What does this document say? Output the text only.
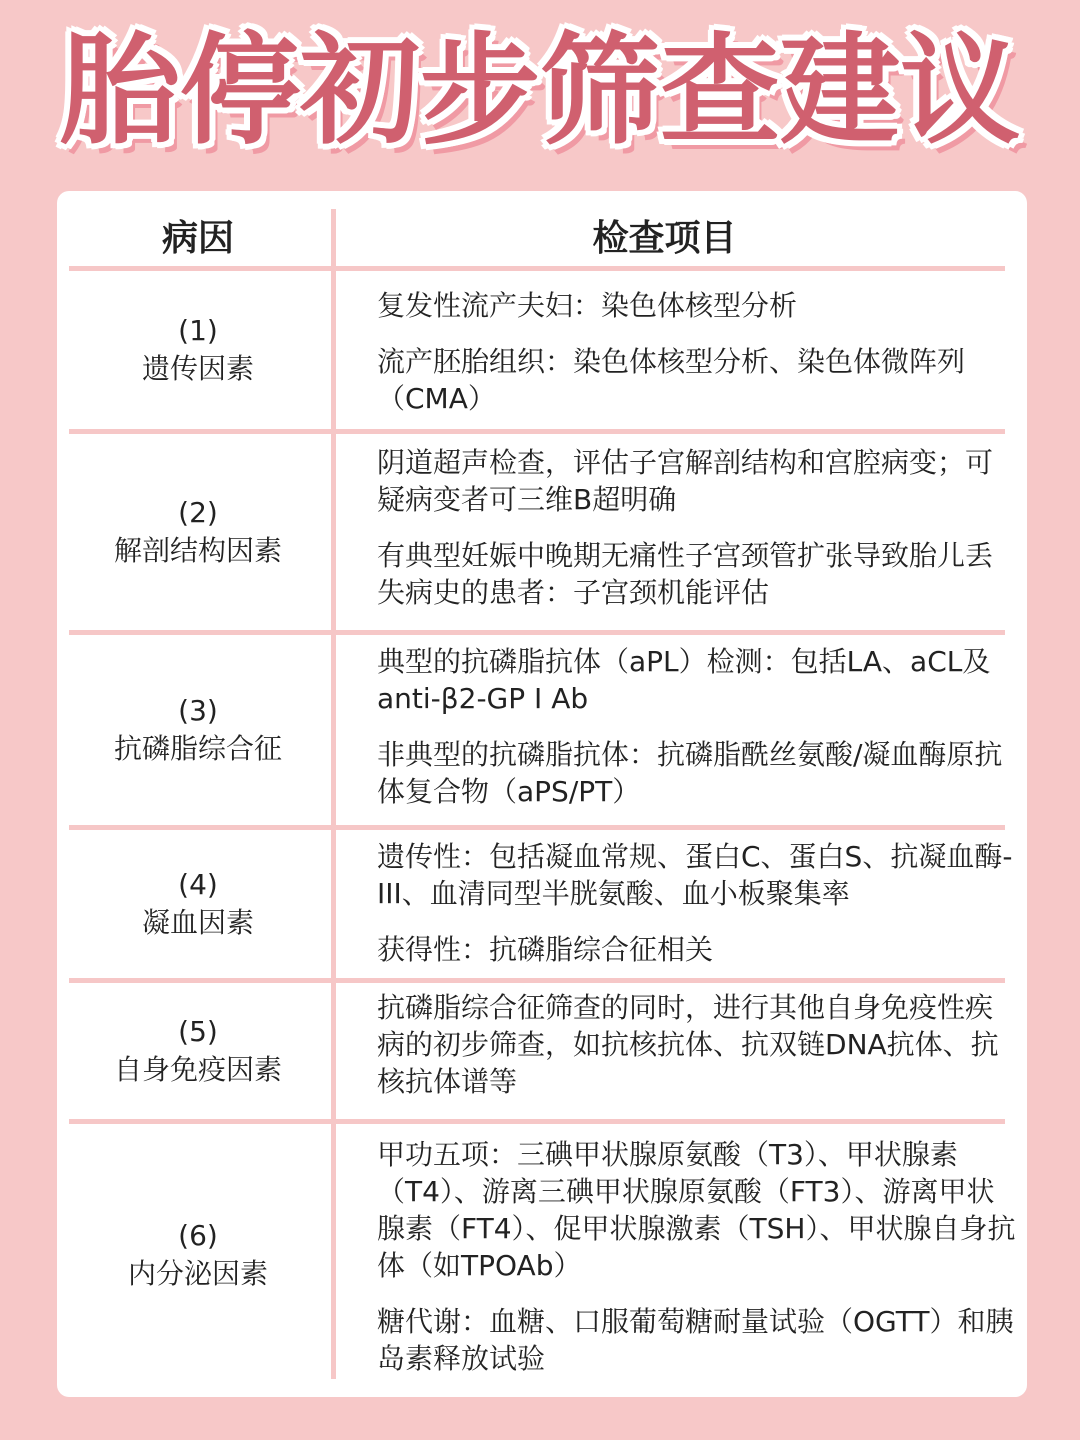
胎停初步筛查建议
病因	检查项目
(1)
遗传因素

复发性流产夫妇：染色体核型分析

流产胚胎组织：染色体核型分析、染色体微阵列（CMA）

(2)
解剖结构因素

阴道超声检查，评估子宫解剖结构和宫腔病变；可疑病变者可三维B超明确

有典型妊娠中晚期无痛性子宫颈管扩张导致胎儿丢失病史的患者：子宫颈机能评估

(3)
抗磷脂综合征

典型的抗磷脂抗体（aPL）检测：包括LA、aCL及anti-β2-GP I Ab

非典型的抗磷脂抗体：抗磷脂酰丝氨酸/凝血酶原抗体复合物（aPS/PT）

(4)
凝血因素

遗传性：包括凝血常规、蛋白C、蛋白S、抗凝血酶-III、血清同型半胱氨酸、血小板聚集率

获得性：抗磷脂综合征相关

(5)
自身免疫因素

抗磷脂综合征筛查的同时，进行其他自身免疫性疾病的初步筛查，如抗核抗体、抗双链DNA抗体、抗核抗体谱等

(6)
内分泌因素

甲功五项：三碘甲状腺原氨酸（T3）、甲状腺素（T4）、游离三碘甲状腺原氨酸（FT3）、游离甲状腺素（FT4）、促甲状腺激素（TSH）、甲状腺自身抗体（如TPOAb）

糖代谢：血糖、口服葡萄糖耐量试验（OGTT）和胰岛素释放试验
